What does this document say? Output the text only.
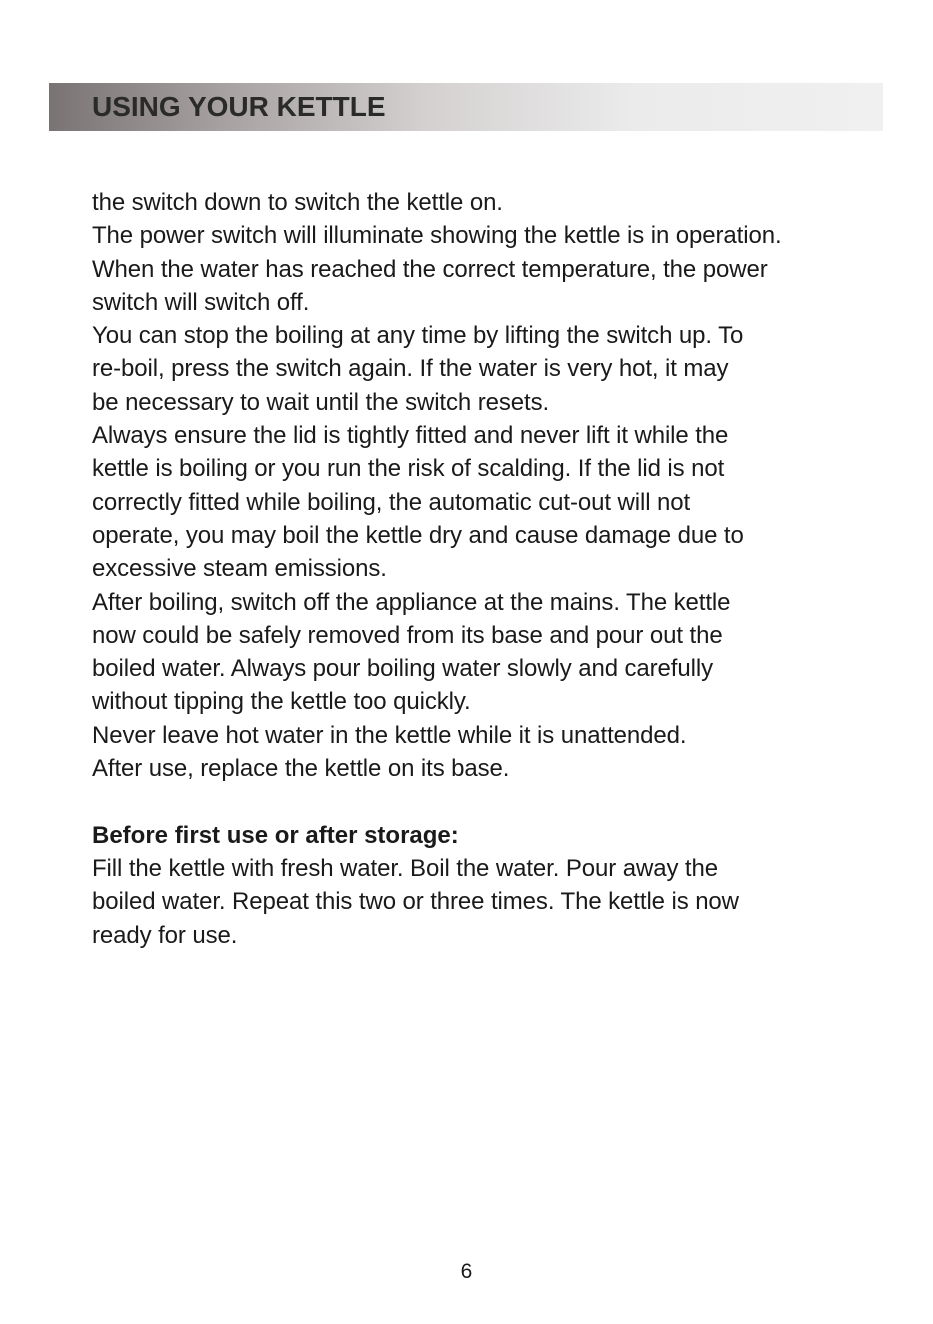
USING YOUR KETTLE
the switch down to switch the kettle on.
The power switch will illuminate showing the kettle is in operation.
When the water has reached the correct temperature, the power
switch will switch off.
You can stop the boiling at any time by lifting the switch up. To
re-boil, press the switch again. If the water is very hot, it may
be necessary to wait until the switch resets.
Always ensure the lid is tightly fitted and never lift it while the
kettle is boiling or you run the risk of scalding. If the lid is not
correctly fitted while boiling, the automatic cut-out will not
operate, you may boil the kettle dry and cause damage due to
excessive steam emissions.
After boiling, switch off the appliance at the mains. The kettle
now could be safely removed from its base and pour out the
boiled water. Always pour boiling water slowly and carefully
without tipping the kettle too quickly.
Never leave hot water in the kettle while it is unattended.
After use, replace the kettle on its base.
Before first use or after storage:
Fill the kettle with fresh water. Boil the water. Pour away the
boiled water. Repeat this two or three times. The kettle is now
ready for use.
6
